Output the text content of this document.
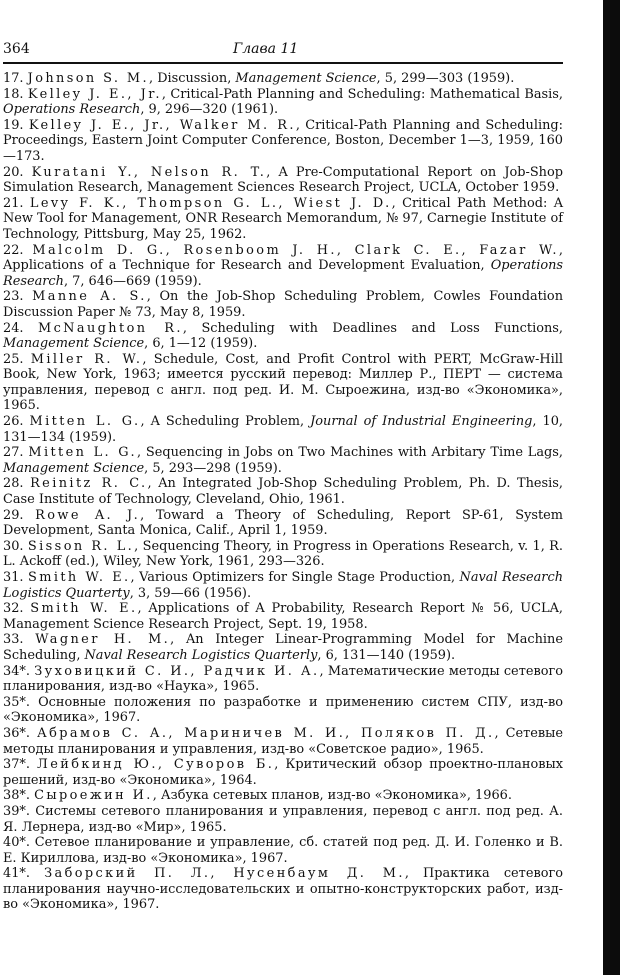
364	Глава 11
17. Johnson S. M., Discussion, Management Science, 5, 299—303 (1959).
18. Kelley J. E., Jr., Critical-Path Planning and Scheduling: Mathematical Basis, Operations Research, 9, 296—320 (1961).
19. Kelley J. E., Jr., Walker M. R., Critical-Path Planning and Scheduling: Proceedings, Eastern Joint Computer Conference, Boston, December 1—3, 1959, 160—173.
20. Kuratani Y., Nelson R. T., A Pre-Computational Report on Job-Shop Simulation Research, Management Sciences Research Project, UCLA, October 1959.
21. Levy F. K., Thompson G. L., Wiest J. D., Critical Path Method: A New Tool for Management, ONR Research Memorandum, № 97, Carnegie Institute of Technology, Pittsburg, May 25, 1962.
22. Malcolm D. G., Rosenboom J. H., Clark C. E., Fazar W., Applications of a Technique for Research and Development Evaluation, Operations Research, 7, 646—669 (1959).
23. Manne A. S., On the Job-Shop Scheduling Problem, Cowles Foundation Discussion Paper № 73, May 8, 1959.
24. McNaughton R., Scheduling with Deadlines and Loss Functions, Management Science, 6, 1—12 (1959).
25. Miller R. W., Schedule, Cost, and Profit Control with PERT, McGraw-Hill Book, New York, 1963; имеется русский перевод: Миллер Р., ПЕРТ — система управления, перевод с англ. под ред. И. М. Сыроежина, изд-во «Экономика», 1965.
26. Mitten L. G., A Scheduling Problem, Journal of Industrial Engineering, 10, 131—134 (1959).
27. Mitten L. G., Sequencing in Jobs on Two Machines with Arbitary Time Lags, Management Science, 5, 293—298 (1959).
28. Reinitz R. C., An Integrated Job-Shop Scheduling Problem, Ph. D. Thesis, Case Institute of Technology, Cleveland, Ohio, 1961.
29. Rowe A. J., Toward a Theory of Scheduling, Report SP-61, System Development, Santa Monica, Calif., April 1, 1959.
30. Sisson R. L., Sequencing Theory, in Progress in Operations Research, v. 1, R. L. Ackoff (ed.), Wiley, New York, 1961, 293—326.
31. Smith W. E., Various Optimizers for Single Stage Production, Naval Research Logistics Quarterty, 3, 59—66 (1956).
32. Smith W. E., Applications of A Probability, Research Report № 56, UCLA, Management Science Research Project, Sept. 19, 1958.
33. Wagner H. M., An Integer Linear-Programming Model for Machine Scheduling, Naval Research Logistics Quarterly, 6, 131—140 (1959).
34*. Зуховицкий С. И., Радчик И. А., Математические методы сетевого планирования, изд-во «Наука», 1965.
35*. Основные положения по разработке и применению систем СПУ, изд-во «Экономика», 1967.
36*. Абрамов С. А., Мариничев М. И., Поляков П. Д., Сетевые методы планирования и управления, изд-во «Советское радио», 1965.
37*. Лейбкинд Ю., Суворов Б., Критический обзор проектно-плановых решений, изд-во «Экономика», 1964.
38*. Сыроежин И., Азбука сетевых планов, изд-во «Экономика», 1966.
39*. Системы сетевого планирования и управления, перевод с англ. под ред. А. Я. Лернера, изд-во «Мир», 1965.
40*. Сетевое планирование и управление, сб. статей под ред. Д. И. Голенко и В. Е. Кириллова, изд-во «Экономика», 1967.
41*. Заборский П. Л., Нусенбаум Д. М., Практика сетевого планирования научно-исследовательских и опытно-конструкторских работ, изд-во «Экономика», 1967.
